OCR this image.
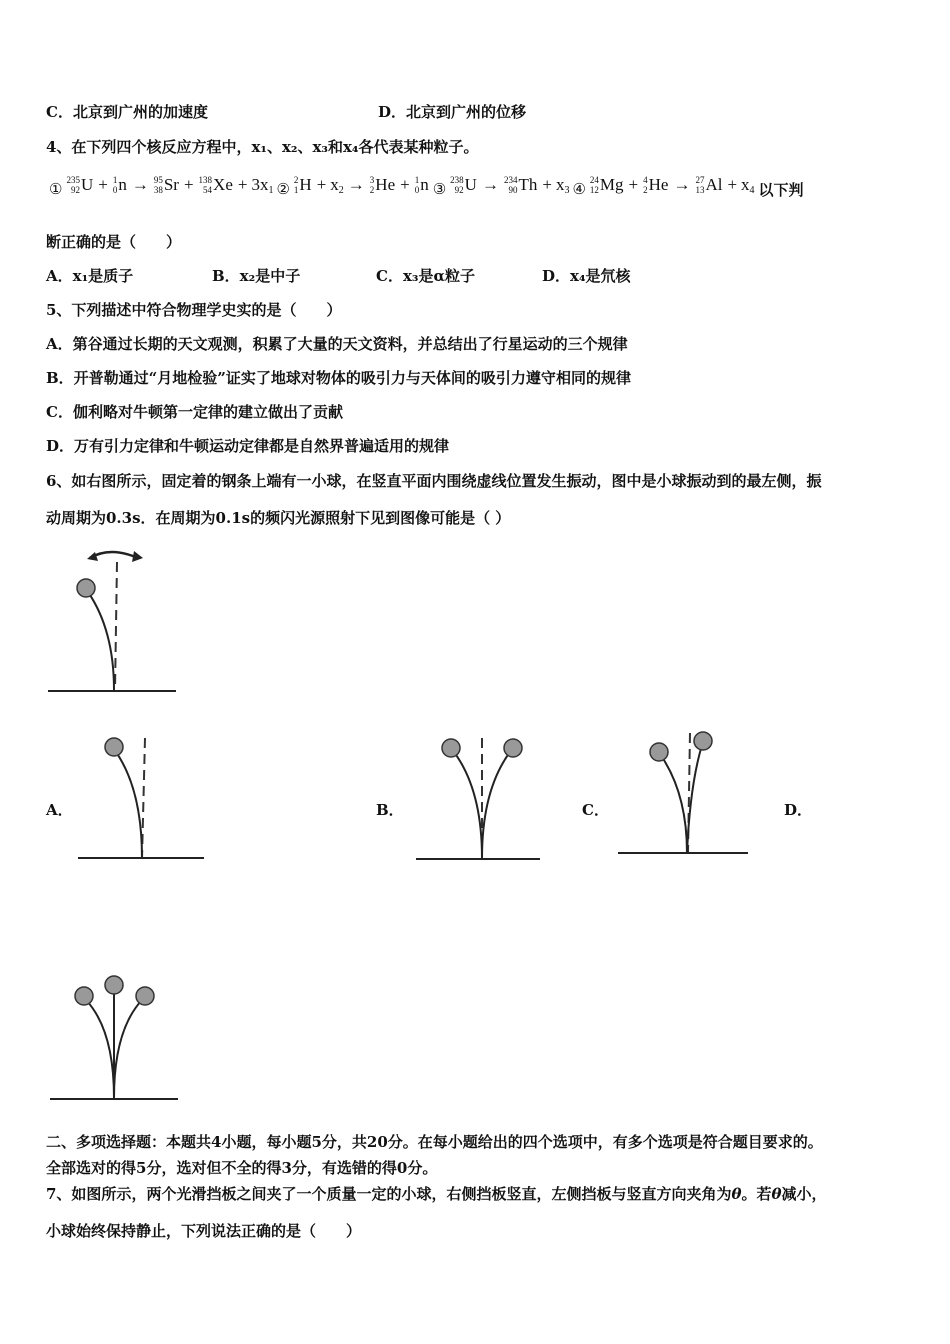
C．北京到广州的加速度	D．北京到广州的位移
4、在下列四个核反应方程中，x₁、x₂、x₃和x₄各代表某种粒子。
①
235
92 U + 1
0 n → 95
38 Sr + 138
54 $Xe + 3x_1$ ②
2
1 $H + x_2 \to 3$
2 He + 1
0 n ③
238
92 U → 234
90 $Th + x_3$ ④
24
12 Mg + 4
2 He → 27
13 $Al + x_4$ 以下判
断正确的是（　　）
A．x₁是质子	B．x₂是中子	C．x₃是α粒子	D．x₄是氘核
5、下列描述中符合物理学史实的是（　　）
A．第谷通过长期的天文观测，积累了大量的天文资料，并总结出了行星运动的三个规律
B．开普勒通过“月地检验”证实了地球对物体的吸引力与天体间的吸引力遵守相同的规律
C．伽利略对牛顿第一定律的建立做出了贡献
D．万有引力定律和牛顿运动定律都是自然界普遍适用的规律
6、如右图所示，固定着的钢条上端有一小球，在竖直平面内围绕虚线位置发生振动，图中是小球振动到的最左侧，振
动周期为0.3s．在周期为0.1s的频闪光源照射下见到图像可能是（ ）
A．	B．	C．	D．
二、多项选择题：本题共4小题，每小题5分，共20分。在每小题给出的四个选项中，有多个选项是符合题目要求的。
全部选对的得5分，选对但不全的得3分，有选错的得0分。
7、如图所示，两个光滑挡板之间夹了一个质量一定的小球，右侧挡板竖直，左侧挡板与竖直方向夹角为θ。若θ减小，
小球始终保持静止，下列说法正确的是（　　）
